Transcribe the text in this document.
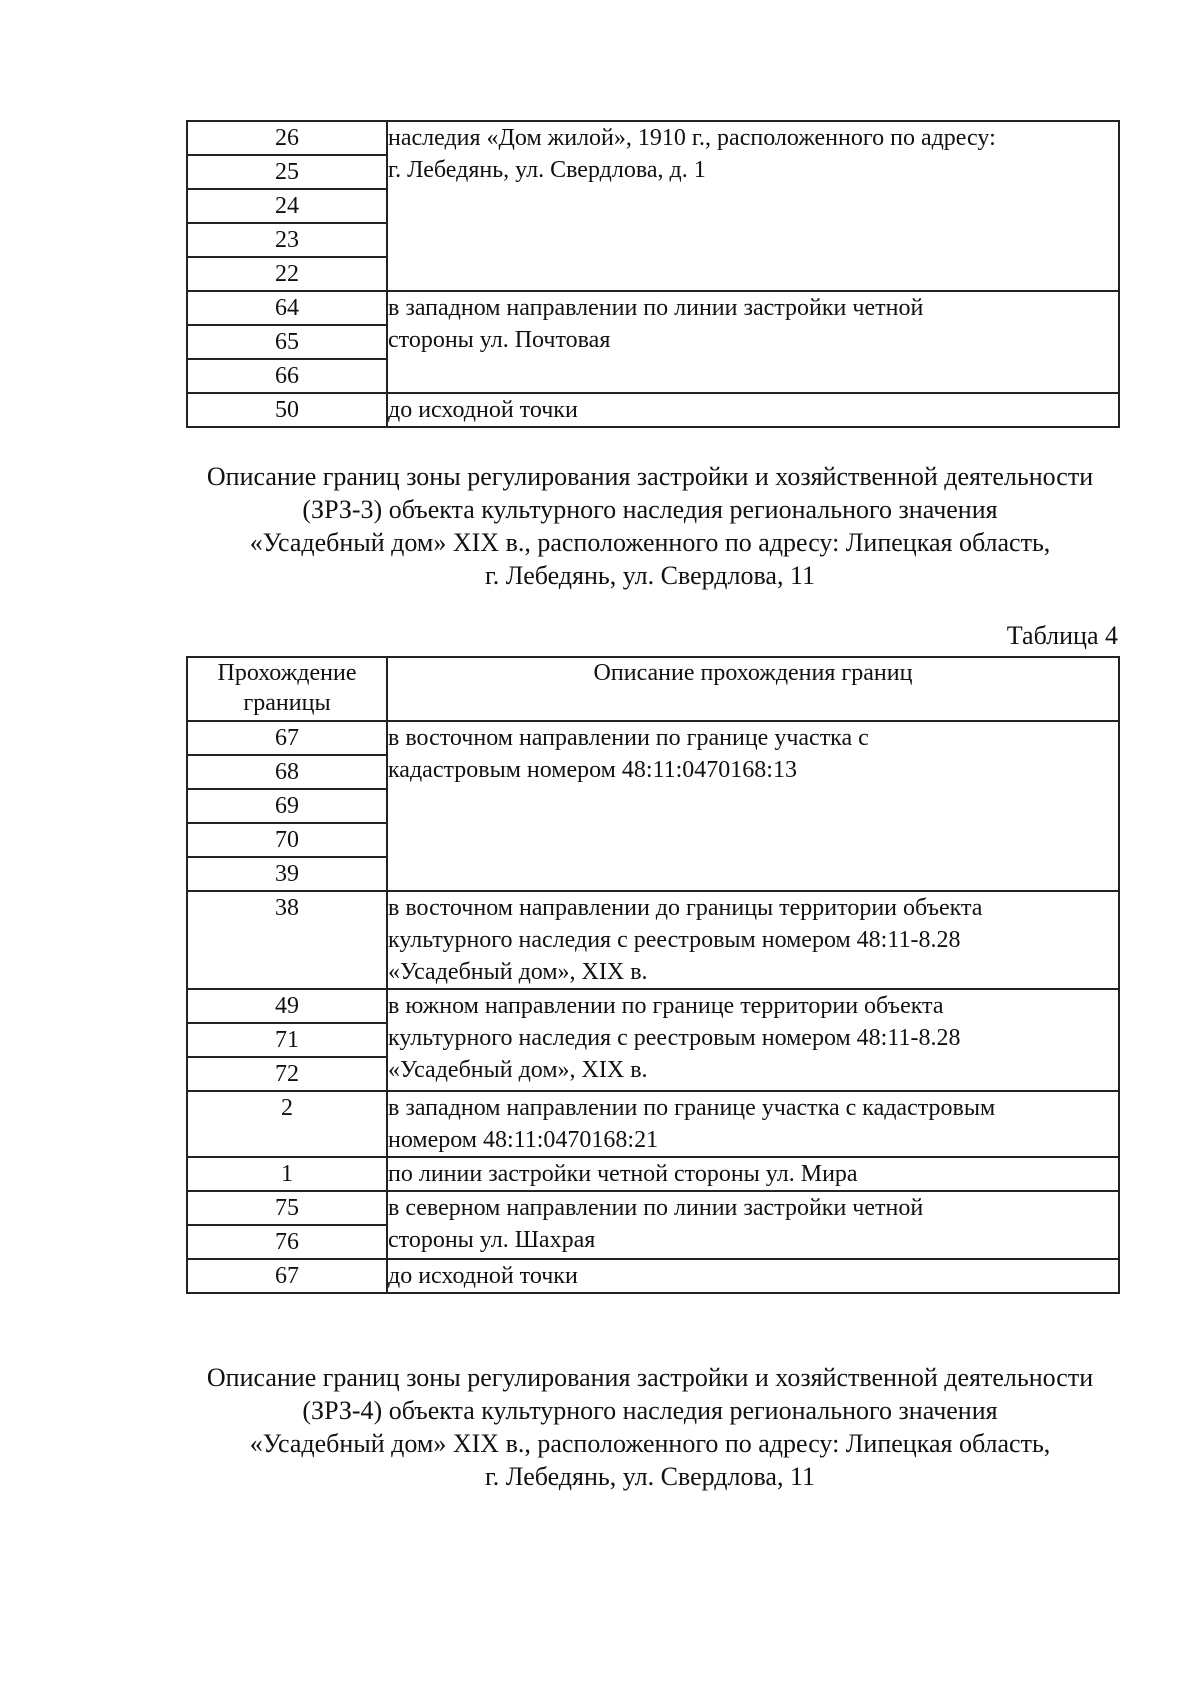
26	наследия «Дом жилой», 1910 г., расположенного по адресу:
г. Лебедянь, ул. Свердлова, д. 1

25	
24	
23	
22	
64	в западном направлении по линии застройки четной
стороны ул. Почтовая

65	
66	
50	до исходной точки
Описание границ зоны регулирования застройки и хозяйственной деятельности
(ЗРЗ-3) объекта культурного наследия регионального значения
«Усадебный дом» XIX в., расположенного по адресу: Липецкая область,
г. Лебедянь, ул. Свердлова, 11
Таблица 4
Прохождение
границы	Описание прохождения границ
67	в восточном направлении по границе участка с
кадастровым номером 48:11:0470168:13

68	
69	
70	
39	
38	в восточном направлении до границы территории объекта
культурного наследия с реестровым номером 48:11-8.28
«Усадебный дом», XIX в.

49	в южном направлении по границе территории объекта
культурного наследия с реестровым номером 48:11-8.28
«Усадебный дом», XIX в.

71	
72	
2	в западном направлении по границе участка с кадастровым
номером 48:11:0470168:21

1	по линии застройки четной стороны ул. Мира

75	в северном направлении по линии застройки четной
стороны ул. Шахрая

76	
67	до исходной точки
Описание границ зоны регулирования застройки и хозяйственной деятельности
(ЗРЗ-4) объекта культурного наследия регионального значения
«Усадебный дом» XIX в., расположенного по адресу: Липецкая область,
г. Лебедянь, ул. Свердлова, 11
